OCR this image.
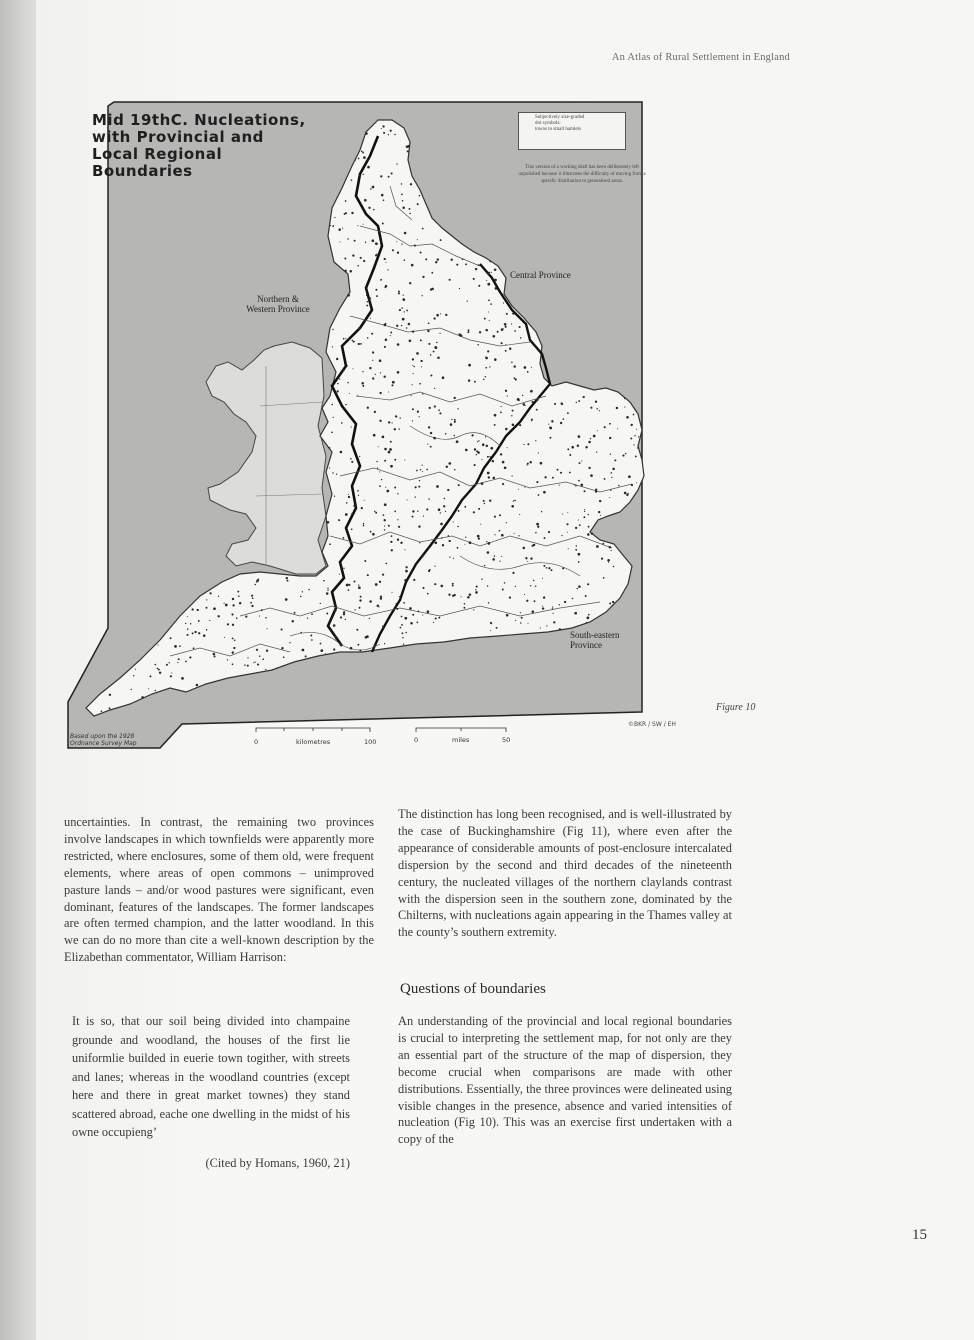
An Atlas of Rural Settlement in England
Mid 19thC. Nucleations,
with Provincial and
Local Regional
Boundaries
Subjectively size-graded
dot symbols:
towns to small hamlets
This version of a working draft has been deliberately left unpolished because it illustrates the difficulty of moving from a specific distribution to generalised areas.
Northern &
Western Province
Central Province
South-eastern
Province
Based upon the 1928
Ordnance Survey Map
©BKR / SW / EH
0	kilometres	100	0	miles	50
Figure 10

uncertainties. In contrast, the remaining two provinces involve landscapes in which townfields were apparently more restricted, where enclosures, some of them old, were frequent elements, where areas of open commons – unimproved pasture lands – and/or wood pastures were significant, even dominant, features of the landscapes. The former landscapes are often termed champion, and the latter woodland. In this we can do no more than cite a well-known description by the Elizabethan commentator, William Harrison:

It is so, that our soil being divided into champaine grounde and woodland, the houses of the first lie uniformlie builded in euerie town togither, with streets and lanes; whereas in the woodland countries (except here and there in great market townes) they stand scattered abroad, eache one dwelling in the midst of his owne occupieng’

(Cited by Homans, 1960, 21)

The distinction has long been recognised, and is well-illustrated by the case of Buckinghamshire (Fig 11), where even after the appearance of considerable amounts of post-enclosure intercalated dispersion by the second and third decades of the nineteenth century, the nucleated villages of the northern claylands contrast with the dispersion seen in the southern zone, dominated by the Chilterns, with nucleations again appearing in the Thames valley at the county’s southern extremity.

Questions of boundaries

An understanding of the provincial and local regional boundaries is crucial to interpreting the settlement map, for not only are they an essential part of the structure of the map of dispersion, they become crucial when comparisons are made with other distributions. Essentially, the three provinces were delineated using visible changes in the presence, absence and varied intensities of nucleation (Fig 10). This was an exercise first undertaken with a copy of the

15
